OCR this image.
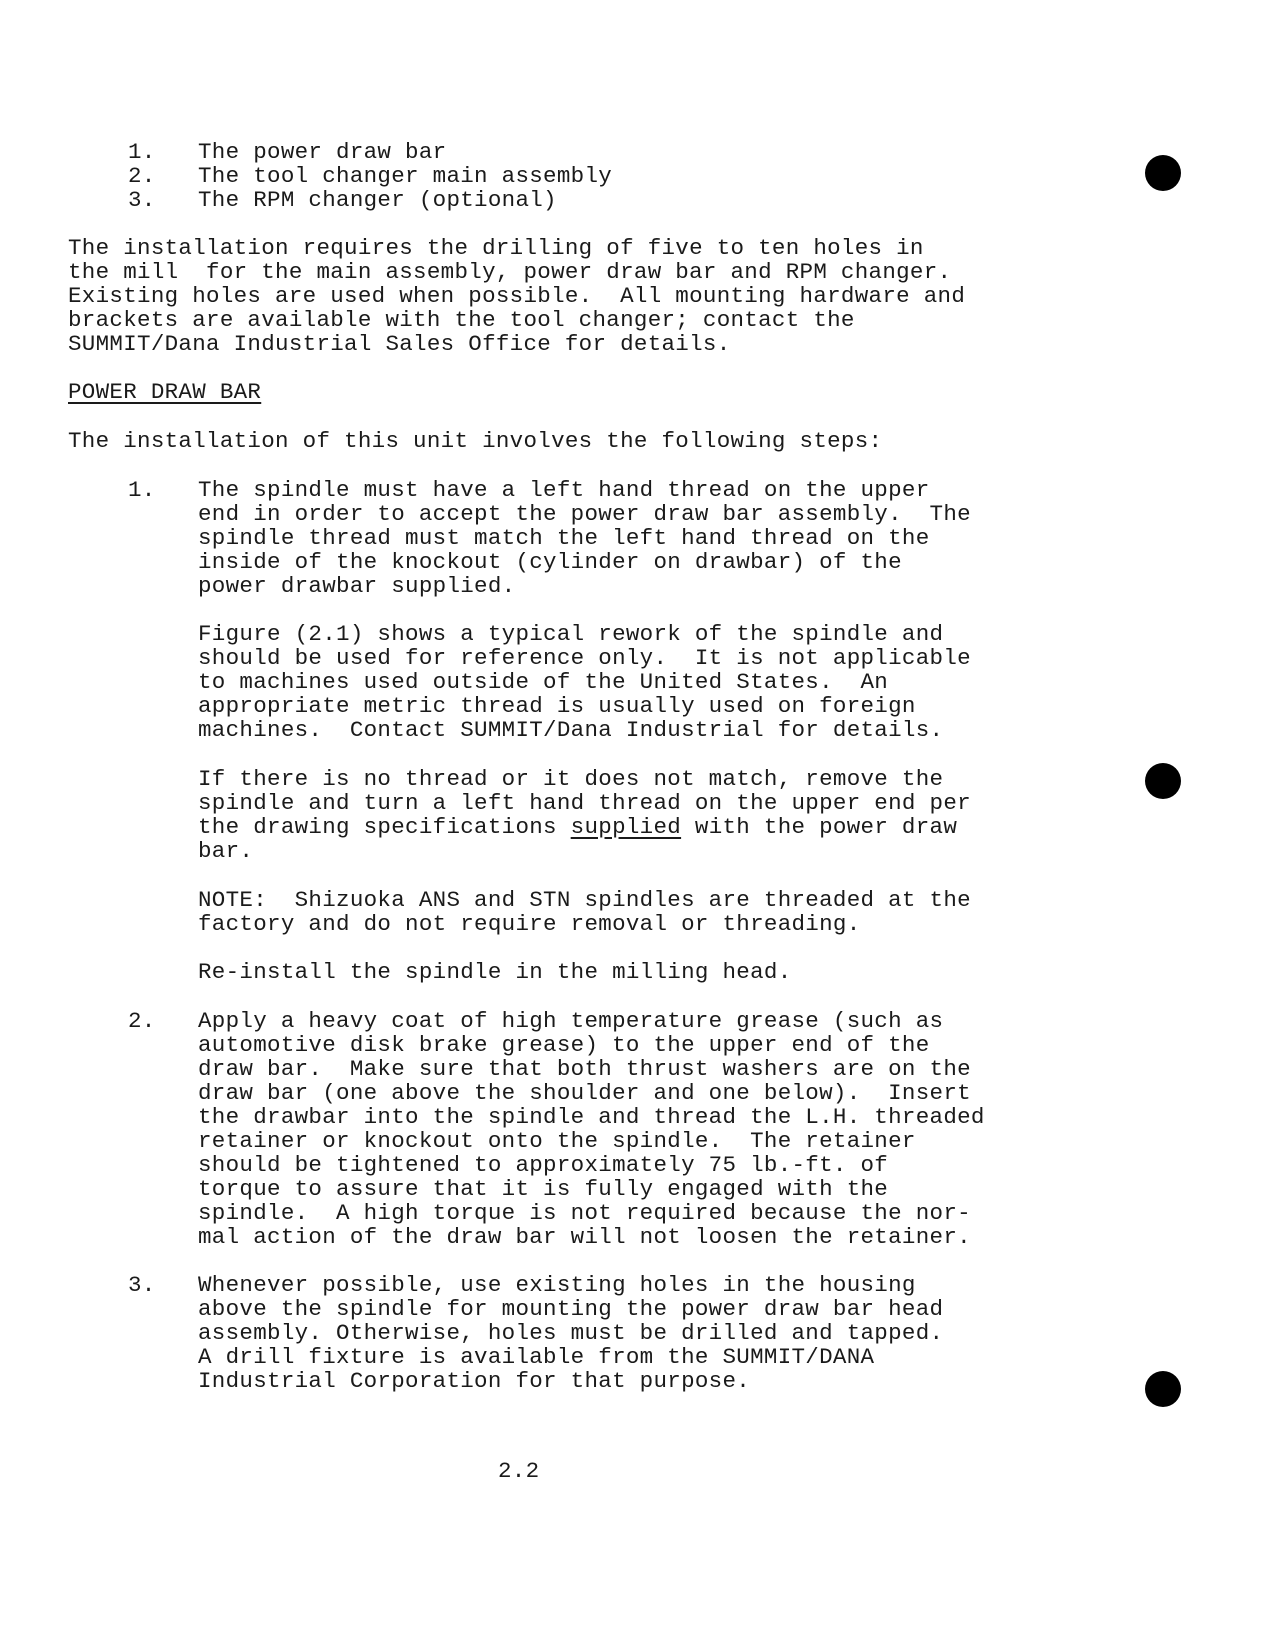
1. The power draw bar
2. The tool changer main assembly
3. The RPM changer (optional)
The installation requires the drilling of five to ten holes in
the mill  for the main assembly, power draw bar and RPM changer.
Existing holes are used when possible.  All mounting hardware and
brackets are available with the tool changer; contact the
SUMMIT/Dana Industrial Sales Office for details.
POWER DRAW BAR
The installation of this unit involves the following steps:
1. The spindle must have a left hand thread on the upper
end in order to accept the power draw bar assembly.  The
spindle thread must match the left hand thread on the
inside of the knockout (cylinder on drawbar) of the
power drawbar supplied.
Figure (2.1) shows a typical rework of the spindle and
should be used for reference only.  It is not applicable
to machines used outside of the United States.  An
appropriate metric thread is usually used on foreign
machines.  Contact SUMMIT/Dana Industrial for details.
If there is no thread or it does not match, remove the
spindle and turn a left hand thread on the upper end per
the drawing specifications supplied with the power draw
bar.
NOTE:  Shizuoka ANS and STN spindles are threaded at the
factory and do not require removal or threading.
Re-install the spindle in the milling head.
2. Apply a heavy coat of high temperature grease (such as
automotive disk brake grease) to the upper end of the
draw bar.  Make sure that both thrust washers are on the
draw bar (one above the shoulder and one below).  Insert
the drawbar into the spindle and thread the L.H. threaded
retainer or knockout onto the spindle.  The retainer
should be tightened to approximately 75 lb.-ft. of
torque to assure that it is fully engaged with the
spindle.  A high torque is not required because the nor-
mal action of the draw bar will not loosen the retainer.
3. Whenever possible, use existing holes in the housing
above the spindle for mounting the power draw bar head
assembly. Otherwise, holes must be drilled and tapped.
A drill fixture is available from the SUMMIT/DANA
Industrial Corporation for that purpose.
2.2
